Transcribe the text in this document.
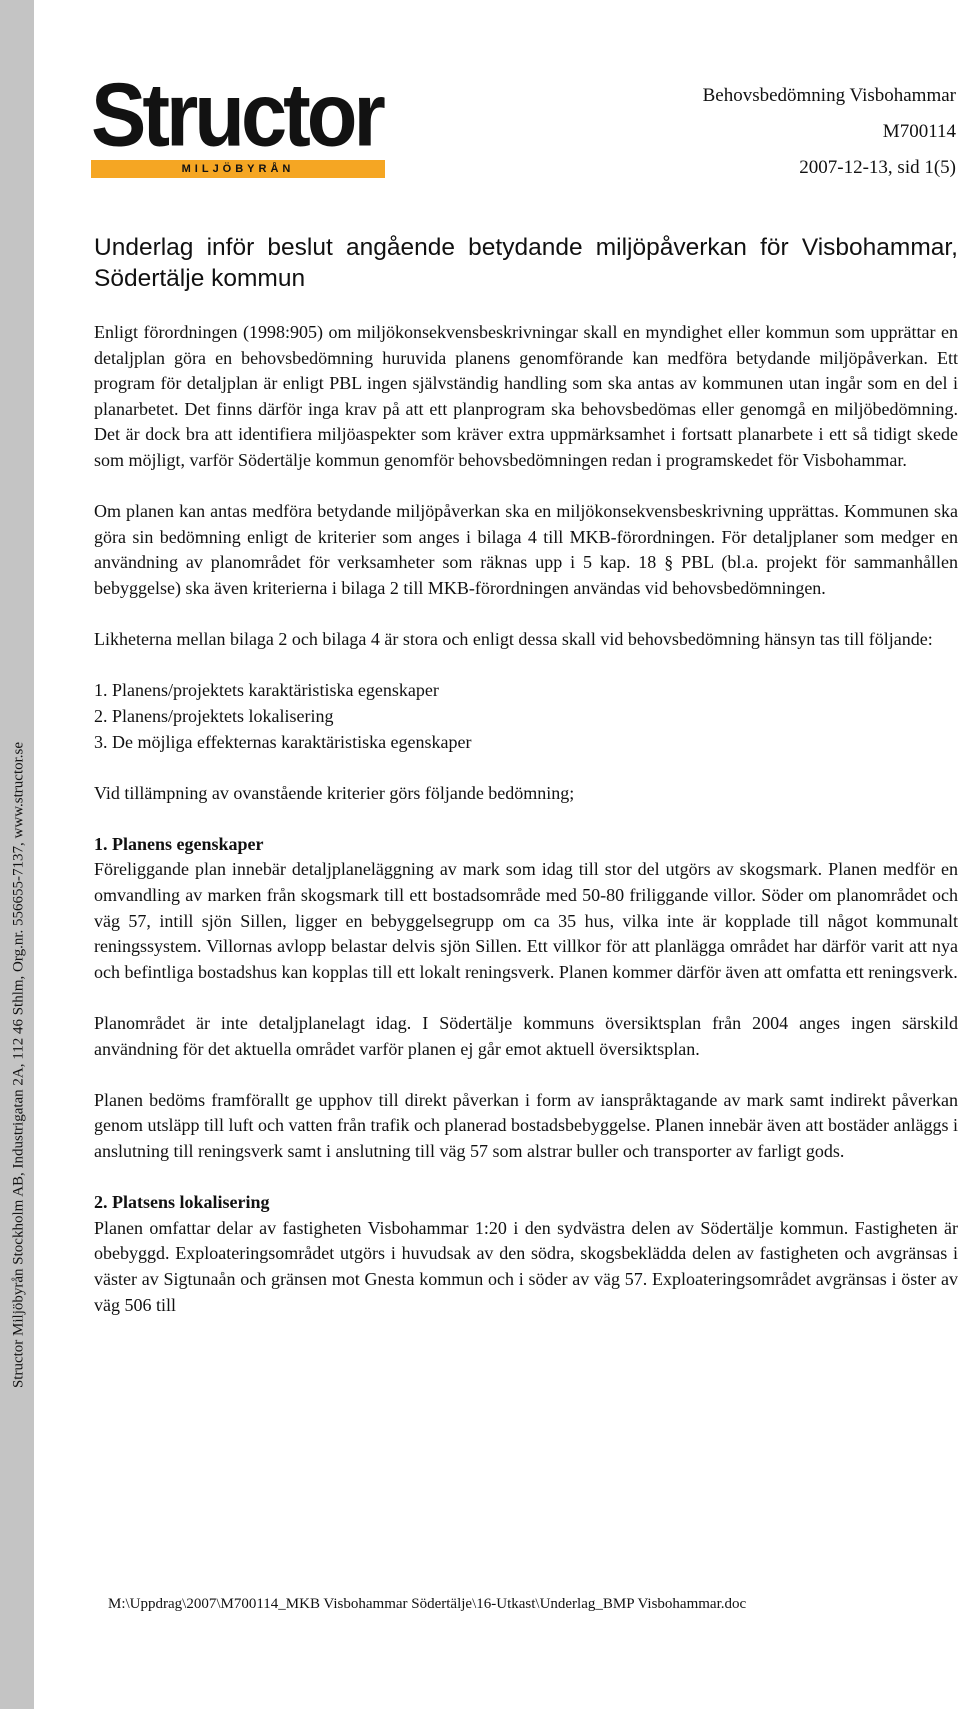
Structor Miljöbyrån Stockholm AB, Industrigatan 2A, 112 46 Sthlm, Org.nr. 556655-7137, www.structor.se
Structor
MILJÖBYRÅN
Behovsbedömning Visbohammar
M700114
2007-12-13, sid 1(5)
Underlag inför beslut angående betydande miljöpåverkan för Visbohammar, Södertälje kommun

Enligt förordningen (1998:905) om miljökonsekvensbeskrivningar skall en myndighet eller kommun som upprättar en detaljplan göra en behovsbedömning huruvida planens genomförande kan medföra betydande miljöpåverkan. Ett program för detaljplan är enligt PBL ingen självständig handling som ska antas av kommunen utan ingår som en del i planarbetet. Det finns därför inga krav på att ett planprogram ska behovsbedömas eller genomgå en miljöbedömning. Det är dock bra att identifiera miljöaspekter som kräver extra uppmärksamhet i fortsatt planarbete i ett så tidigt skede som möjligt, varför Södertälje kommun genomför behovsbedömningen redan i programskedet för Visbohammar.

Om planen kan antas medföra betydande miljöpåverkan ska en miljökonsekvensbeskrivning upprättas. Kommunen ska göra sin bedömning enligt de kriterier som anges i bilaga 4 till MKB-förordningen. För detaljplaner som medger en användning av planområdet för verksamheter som räknas upp i 5 kap. 18 § PBL (bl.a. projekt för sammanhållen bebyggelse) ska även kriterierna i bilaga 2 till MKB-förordningen användas vid behovsbedömningen.

Likheterna mellan bilaga 2 och bilaga 4 är stora och enligt dessa skall vid behovsbedömning hänsyn tas till följande:

1. Planens/projektets karaktäristiska egenskaper
2. Planens/projektets lokalisering
3. De möjliga effekternas karaktäristiska egenskaper

Vid tillämpning av ovanstående kriterier görs följande bedömning;

1. Planens egenskaper

Föreliggande plan innebär detaljplaneläggning av mark som idag till stor del utgörs av skogsmark. Planen medför en omvandling av marken från skogsmark till ett bostadsområde med 50-80 friliggande villor. Söder om planområdet och väg 57, intill sjön Sillen, ligger en bebyggelsegrupp om ca 35 hus, vilka inte är kopplade till något kommunalt reningssystem. Villornas avlopp belastar delvis sjön Sillen. Ett villkor för att planlägga området har därför varit att nya och befintliga bostadshus kan kopplas till ett lokalt reningsverk. Planen kommer därför även att omfatta ett reningsverk.

Planområdet är inte detaljplanelagt idag. I Södertälje kommuns översiktsplan från 2004 anges ingen särskild användning för det aktuella området varför planen ej går emot aktuell översiktsplan.

Planen bedöms framförallt ge upphov till direkt påverkan i form av ianspråktagande av mark samt indirekt påverkan genom utsläpp till luft och vatten från trafik och planerad bostadsbebyggelse. Planen innebär även att bostäder anläggs i anslutning till reningsverk samt i anslutning till väg 57 som alstrar buller och transporter av farligt gods.

2. Platsens lokalisering

Planen omfattar delar av fastigheten Visbohammar 1:20 i den sydvästra delen av Södertälje kommun. Fastigheten är obebyggd. Exploateringsområdet utgörs i huvudsak av den södra, skogsbeklädda delen av fastigheten och avgränsas i väster av Sigtunaån och gränsen mot Gnesta kommun och i söder av väg 57. Exploateringsområdet avgränsas i öster av väg 506 till

M:\Uppdrag\2007\M700114_MKB Visbohammar Södertälje\16-Utkast\Underlag_BMP Visbohammar.doc
